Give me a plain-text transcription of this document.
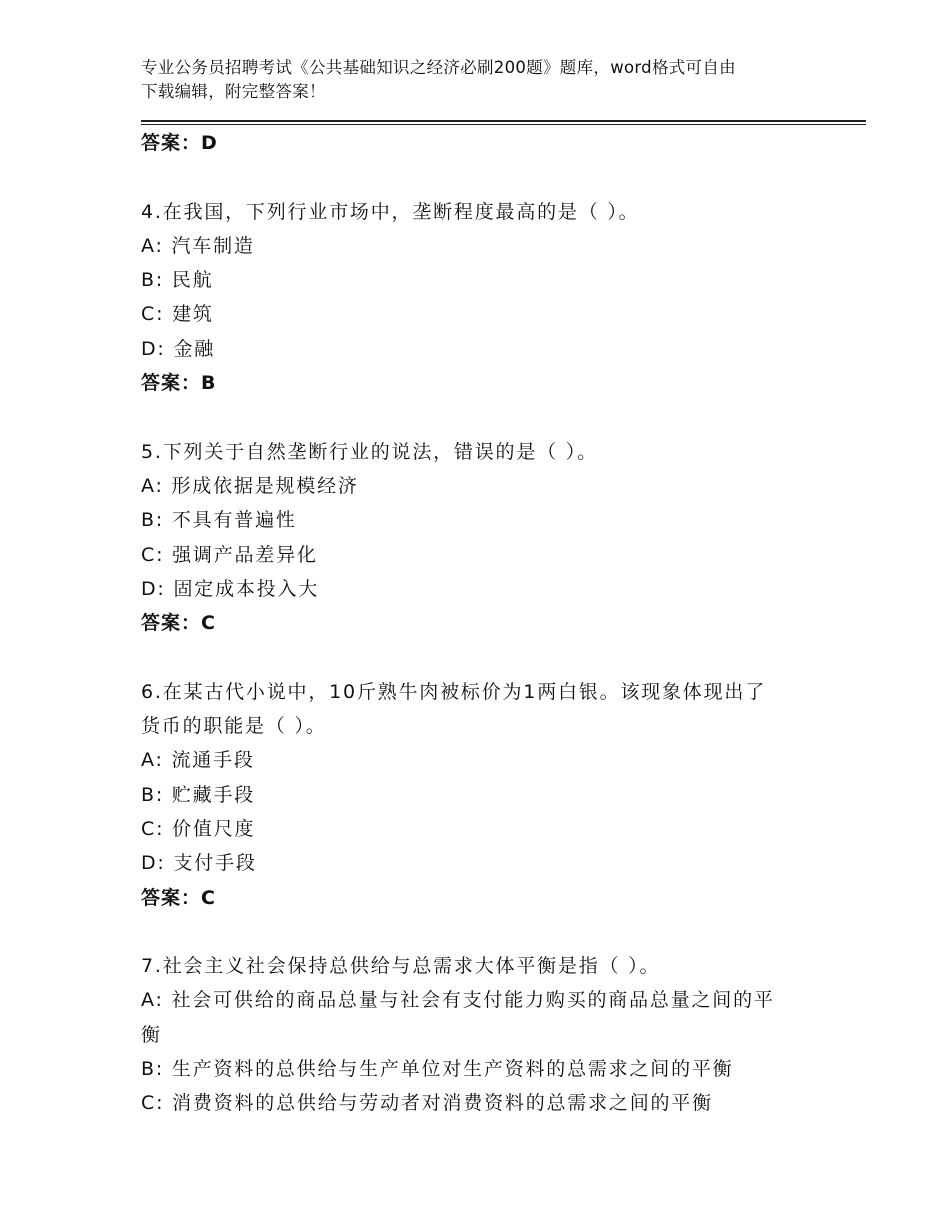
专业公务员招聘考试《公共基础知识之经济必刷200题》题库，word格式可自由
下载编辑，附完整答案！
答案：D
4.在我国，下列行业市场中，垄断程度最高的是（ ）。
A: 汽车制造
B: 民航
C: 建筑
D: 金融
答案：B
5.下列关于自然垄断行业的说法，错误的是（ ）。
A: 形成依据是规模经济
B: 不具有普遍性
C: 强调产品差异化
D: 固定成本投入大
答案：C
6.在某古代小说中，10斤熟牛肉被标价为1两白银。该现象体现出了
货币的职能是（ ）。
A: 流通手段
B: 贮藏手段
C: 价值尺度
D: 支付手段
答案：C
7.社会主义社会保持总供给与总需求大体平衡是指（ ）。
A: 社会可供给的商品总量与社会有支付能力购买的商品总量之间的平
衡
B: 生产资料的总供给与生产单位对生产资料的总需求之间的平衡
C: 消费资料的总供给与劳动者对消费资料的总需求之间的平衡
